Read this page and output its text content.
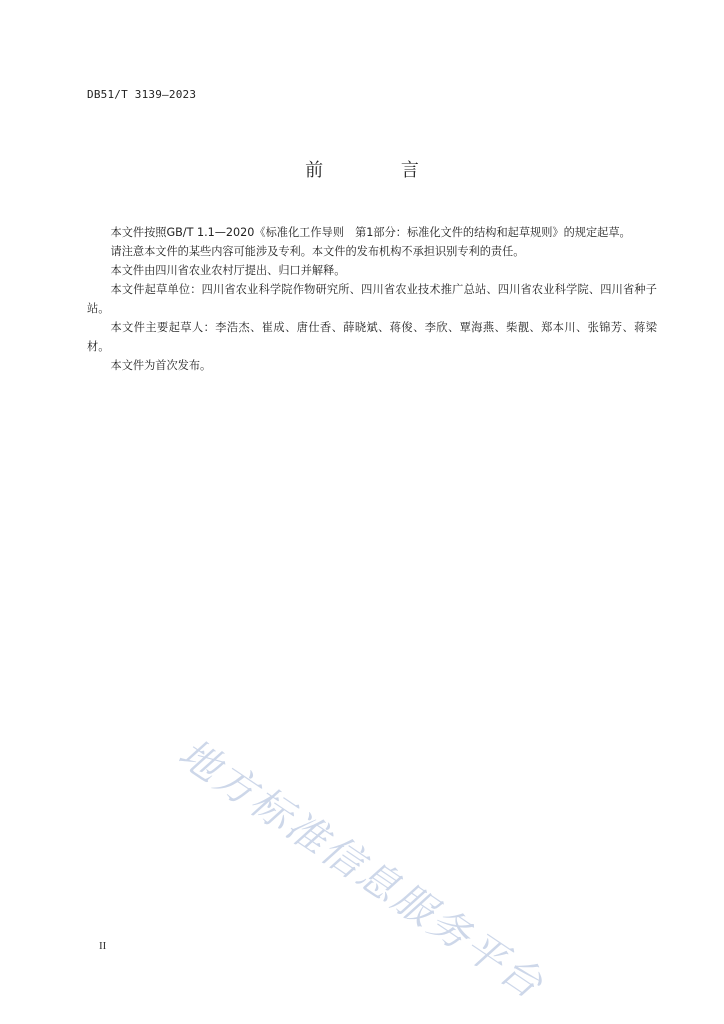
DB51/T 3139—2023
前 言

本文件按照GB/T 1.1—2020《标准化工作导则　第1部分：标准化文件的结构和起草规则》的规定起草。

请注意本文件的某些内容可能涉及专利。本文件的发布机构不承担识别专利的责任。

本文件由四川省农业农村厅提出、归口并解释。

本文件起草单位：四川省农业科学院作物研究所、四川省农业技术推广总站、四川省农业科学院、四川省种子站。

本文件主要起草人：李浩杰、崔成、唐仕香、薛晓斌、蒋俊、李欣、覃海燕、柴靓、郑本川、张锦芳、蒋梁材。

本文件为首次发布。

地方标准信息服务平台
II
